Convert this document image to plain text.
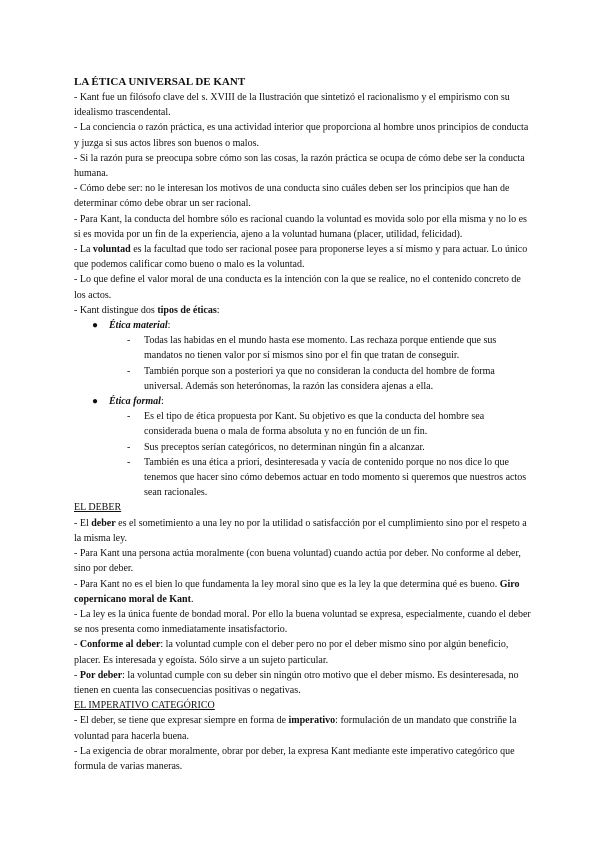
LA ÉTICA UNIVERSAL DE KANT

- Kant fue un filósofo clave del s. XVIII de la Ilustración que sintetizó el racionalismo y el empirismo con su idealismo trascendental.

- La conciencia o razón práctica, es una actividad interior que proporciona al hombre unos principios de conducta y juzga si sus actos libres son buenos o malos.

- Si la razón pura se preocupa sobre cómo son las cosas, la razón práctica se ocupa de cómo debe ser la conducta humana.

- Cómo debe ser: no le interesan los motivos de una conducta sino cuáles deben ser los principios que han de determinar cómo debe obrar un ser racional.

- Para Kant, la conducta del hombre sólo es racional cuando la voluntad es movida solo por ella misma y no lo es si es movida por un fin de la experiencia, ajeno a la voluntad humana (placer, utilidad, felicidad).

- La voluntad es la facultad que todo ser racional posee para proponerse leyes a sí mismo y para actuar. Lo único que podemos calificar como bueno o malo es la voluntad.

- Lo que define el valor moral de una conducta es la intención con la que se realice, no el contenido concreto de los actos.

- Kant distingue dos tipos de éticas:

● Ética material:
- Todas las habidas en el mundo hasta ese momento. Las rechaza porque entiende que sus mandatos no tienen valor por sí mismos sino por el fin que tratan de conseguir.
- También porque son a posteriori ya que no consideran la conducta del hombre de forma universal. Además son heterónomas, la razón las considera ajenas a ella.
● Ética formal:
- Es el tipo de ética propuesta por Kant. Su objetivo es que la conducta del hombre sea considerada buena o mala de forma absoluta y no en función de un fin.
- Sus preceptos serían categóricos, no determinan ningún fin a alcanzar.
- También es una ética a priori, desinteresada y vacía de contenido porque no nos dice lo que tenemos que hacer sino cómo debemos actuar en todo momento si queremos que nuestros actos sean racionales.

EL DEBER

- El deber es el sometimiento a una ley no por la utilidad o satisfacción por el cumplimiento sino por el respeto a la misma ley.

- Para Kant una persona actúa moralmente (con buena voluntad) cuando actúa por deber. No conforme al deber, sino por deber.

- Para Kant no es el bien lo que fundamenta la ley moral sino que es la ley la que determina qué es bueno. Giro copernicano moral de Kant.

- La ley es la única fuente de bondad moral. Por ello la buena voluntad se expresa, especialmente, cuando el deber se nos presenta como inmediatamente insatisfactorio.

- Conforme al deber: la voluntad cumple con el deber pero no por el deber mismo sino por algún beneficio, placer. Es interesada y egoísta. Sólo sirve a un sujeto particular.

- Por deber: la voluntad cumple con su deber sin ningún otro motivo que el deber mismo. Es desinteresada, no tienen en cuenta las consecuencias positivas o negativas.

EL IMPERATIVO CATEGÓRICO

- El deber, se tiene que expresar siempre en forma de imperativo: formulación de un mandato que constriñe la voluntad para hacerla buena.

- La exigencia de obrar moralmente, obrar por deber, la expresa Kant mediante este imperativo categórico que formula de varias maneras.
